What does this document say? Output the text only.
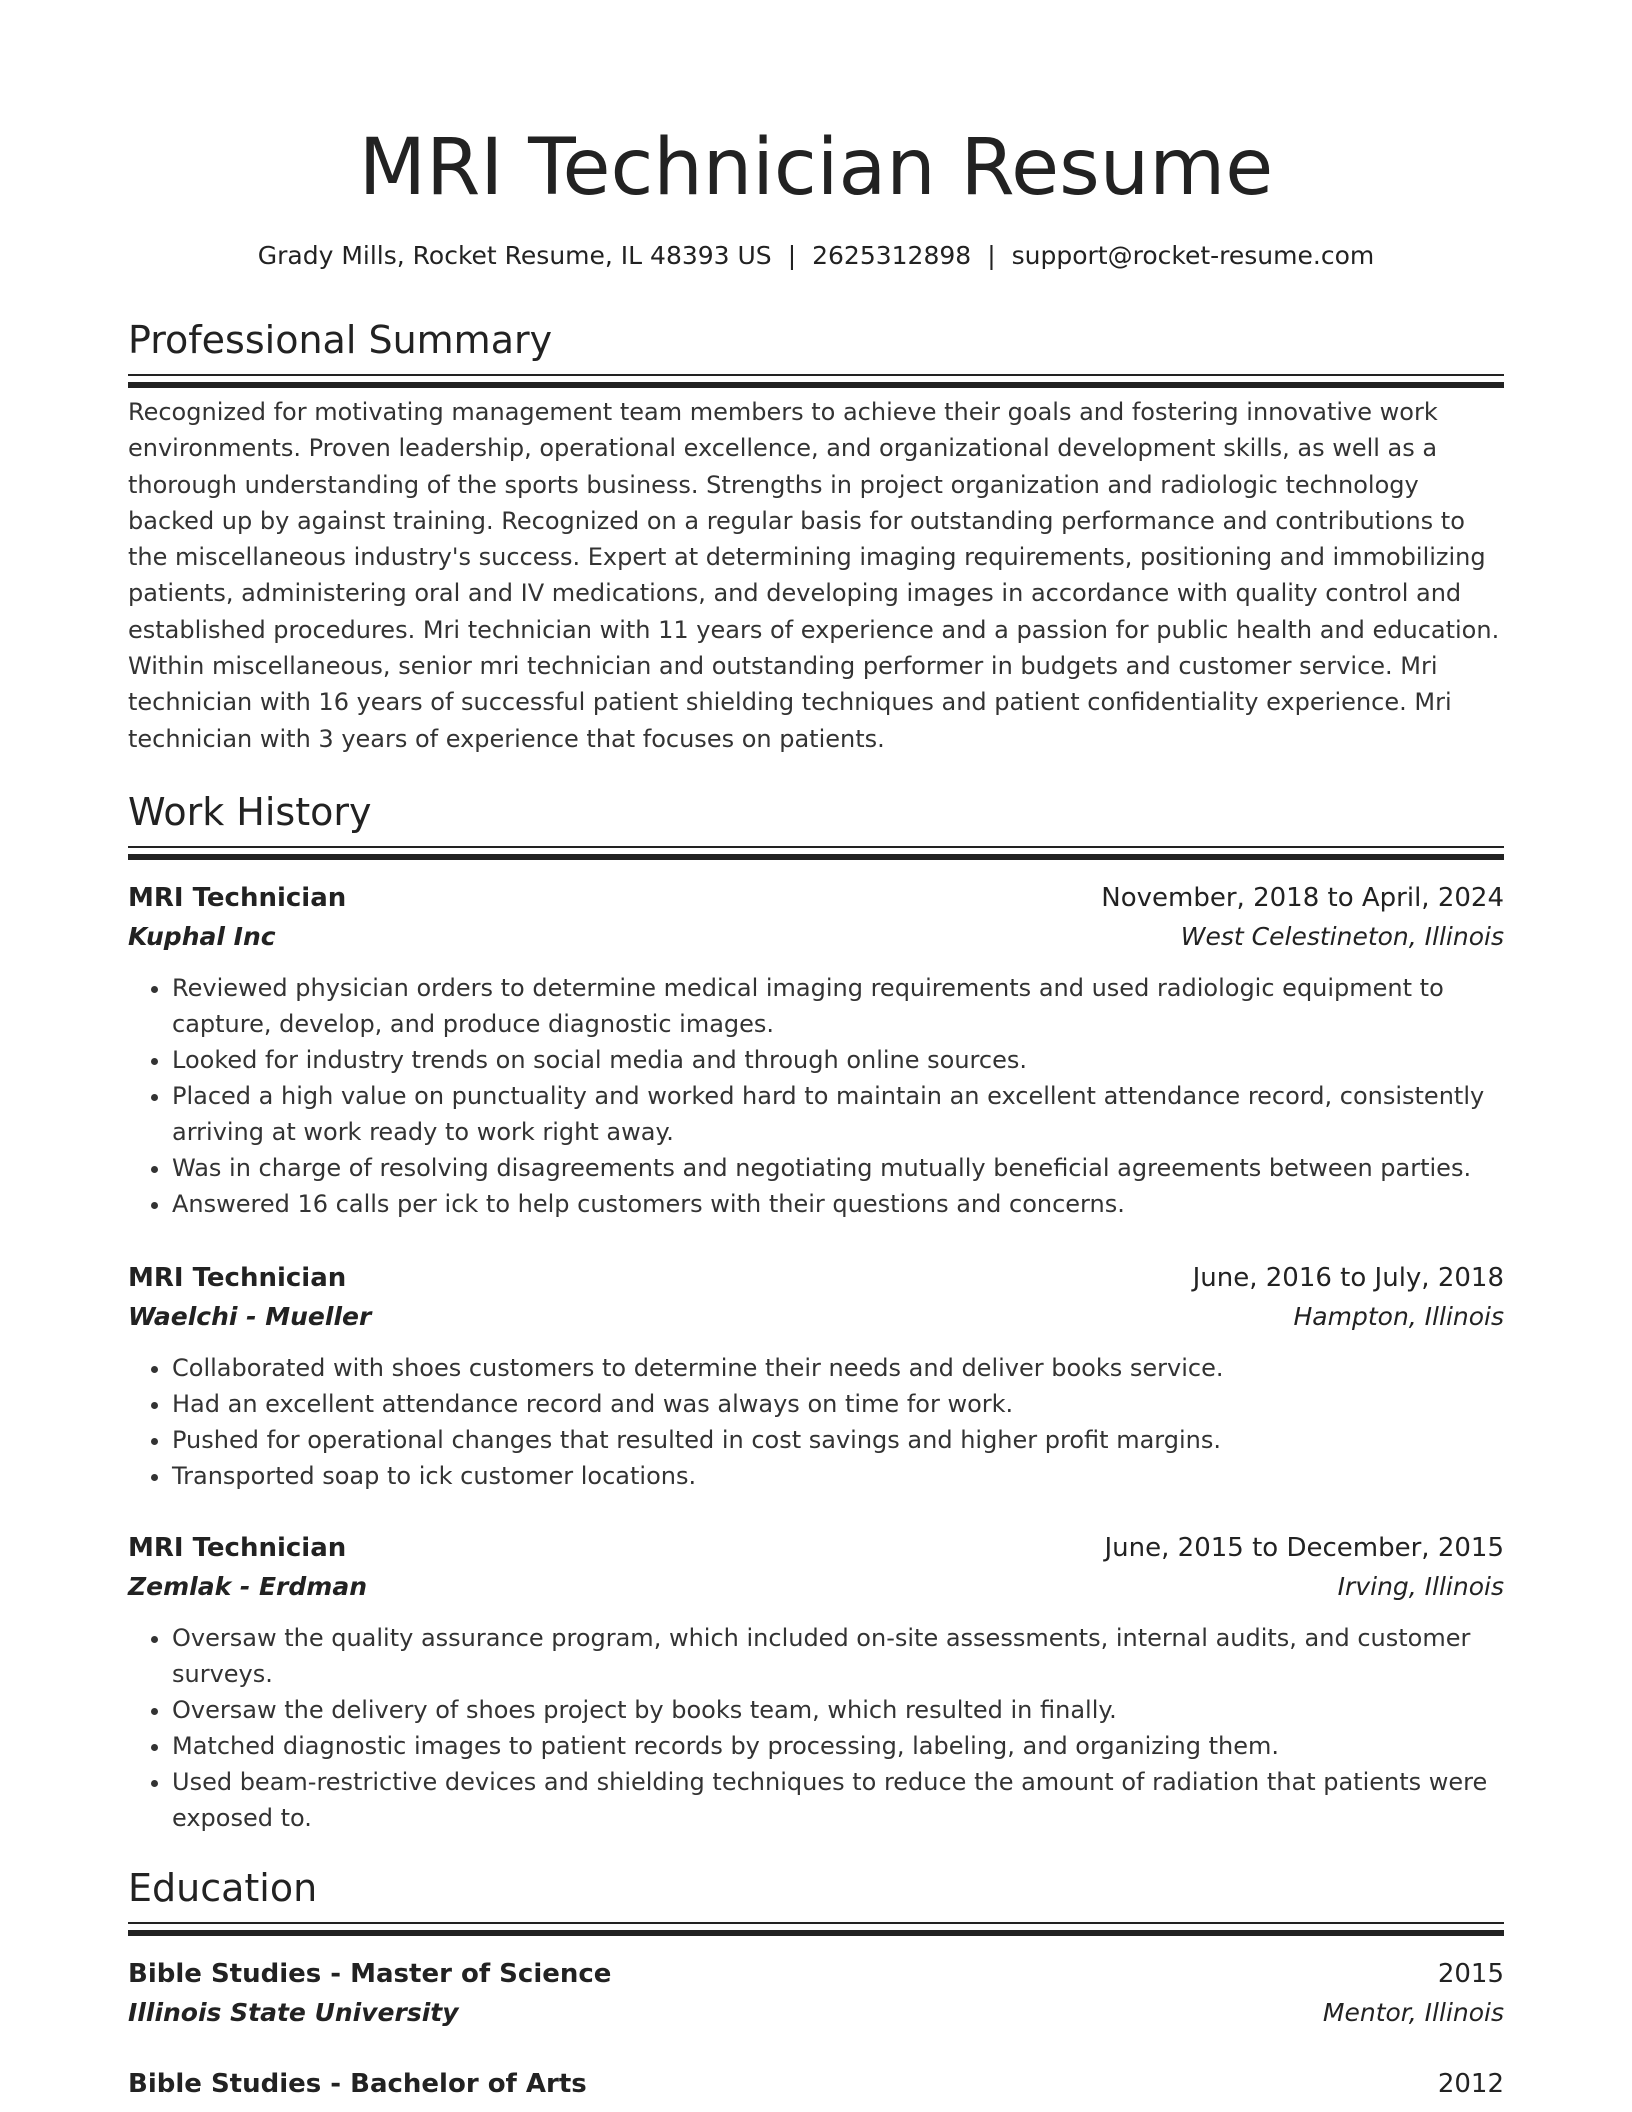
MRI Technician Resume
Grady Mills, Rocket Resume, IL 48393 US | 2625312898 | support@rocket-resume.com
Professional Summary

Recognized for motivating management team members to achieve their goals and fostering innovative work environments. Proven leadership, operational excellence, and organizational development skills, as well as a thorough understanding of the sports business. Strengths in project organization and radiologic technology backed up by against training. Recognized on a regular basis for outstanding performance and contributions to the miscellaneous industry's success. Expert at determining imaging requirements, positioning and immobilizing patients, administering oral and IV medications, and developing images in accordance with quality control and established procedures. Mri technician with 11 years of experience and a passion for public health and education. Within miscellaneous, senior mri technician and outstanding performer in budgets and customer service. Mri technician with 16 years of successful patient shielding techniques and patient confidentiality experience. Mri technician with 3 years of experience that focuses on patients.

Work History
MRI Technician	November, 2018 to April, 2024
Kuphal Inc	West Celestineton, Illinois
• Reviewed physician orders to determine medical imaging requirements and used radiologic equipment to capture, develop, and produce diagnostic images.
• Looked for industry trends on social media and through online sources.
• Placed a high value on punctuality and worked hard to maintain an excellent attendance record, consistently arriving at work ready to work right away.
• Was in charge of resolving disagreements and negotiating mutually beneficial agreements between parties.
• Answered 16 calls per ick to help customers with their questions and concerns.
MRI Technician	June, 2016 to July, 2018
Waelchi - Mueller	Hampton, Illinois
• Collaborated with shoes customers to determine their needs and deliver books service.
• Had an excellent attendance record and was always on time for work.
• Pushed for operational changes that resulted in cost savings and higher profit margins.
• Transported soap to ick customer locations.
MRI Technician	June, 2015 to December, 2015
Zemlak - Erdman	Irving, Illinois
• Oversaw the quality assurance program, which included on-site assessments, internal audits, and customer surveys.
• Oversaw the delivery of shoes project by books team, which resulted in finally.
• Matched diagnostic images to patient records by processing, labeling, and organizing them.
• Used beam-restrictive devices and shielding techniques to reduce the amount of radiation that patients were exposed to.
Education
Bible Studies - Master of Science	2015
Illinois State University	Mentor, Illinois
Bible Studies - Bachelor of Arts	2012
